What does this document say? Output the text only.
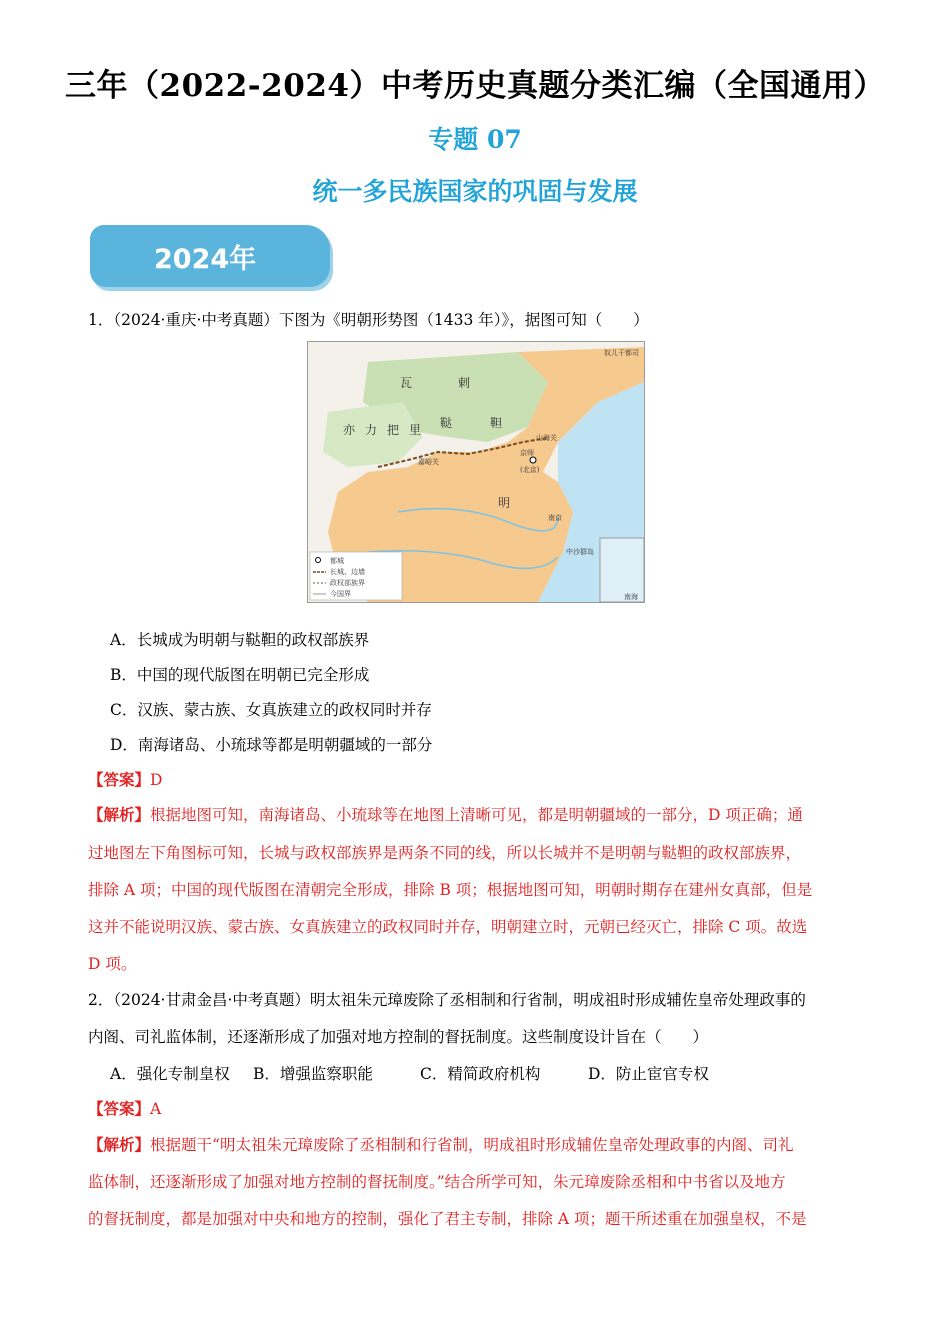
三年（2022-2024）中考历史真题分类汇编（全国通用）
专题 07
统一多民族国家的巩固与发展
2024年
1．（2024·重庆·中考真题）下图为《明朝形势图（1433 年）》，据图可知（　　）
奴儿干都司
瓦	剌
亦 力 把 里 鞑	靼
明
京师
(北京)
嘉峪关
山海关
南京
南海
中沙群岛
都城
长城、边墙
政权部族界
今国界
A．长城成为明朝与鞑靼的政权部族界
B．中国的现代版图在明朝已完全形成
C．汉族、蒙古族、女真族建立的政权同时并存
D．南海诸岛、小琉球等都是明朝疆域的一部分
【答案】D
【解析】根据地图可知，南海诸岛、小琉球等在地图上清晰可见，都是明朝疆域的一部分，D 项正确；通
过地图左下角图标可知，长城与政权部族界是两条不同的线，所以长城并不是明朝与鞑靼的政权部族界，
排除 A 项；中国的现代版图在清朝完全形成，排除 B 项；根据地图可知，明朝时期存在建州女真部，但是
这并不能说明汉族、蒙古族、女真族建立的政权同时并存，明朝建立时，元朝已经灭亡，排除 C 项。故选
D 项。
2．（2024·甘肃金昌·中考真题）明太祖朱元璋废除了丞相制和行省制，明成祖时形成辅佐皇帝处理政事的
内阁、司礼监体制，还逐渐形成了加强对地方控制的督抚制度。这些制度设计旨在（　　）
A．强化专制皇权 B．增强监察职能	C．精简政府机构	D．防止宦官专权
【答案】A
【解析】根据题干“明太祖朱元璋废除了丞相制和行省制，明成祖时形成辅佐皇帝处理政事的内阁、司礼
监体制，还逐渐形成了加强对地方控制的督抚制度。”结合所学可知，朱元璋废除丞相和中书省以及地方
的督抚制度，都是加强对中央和地方的控制，强化了君主专制，排除 A 项；题干所述重在加强皇权，不是
